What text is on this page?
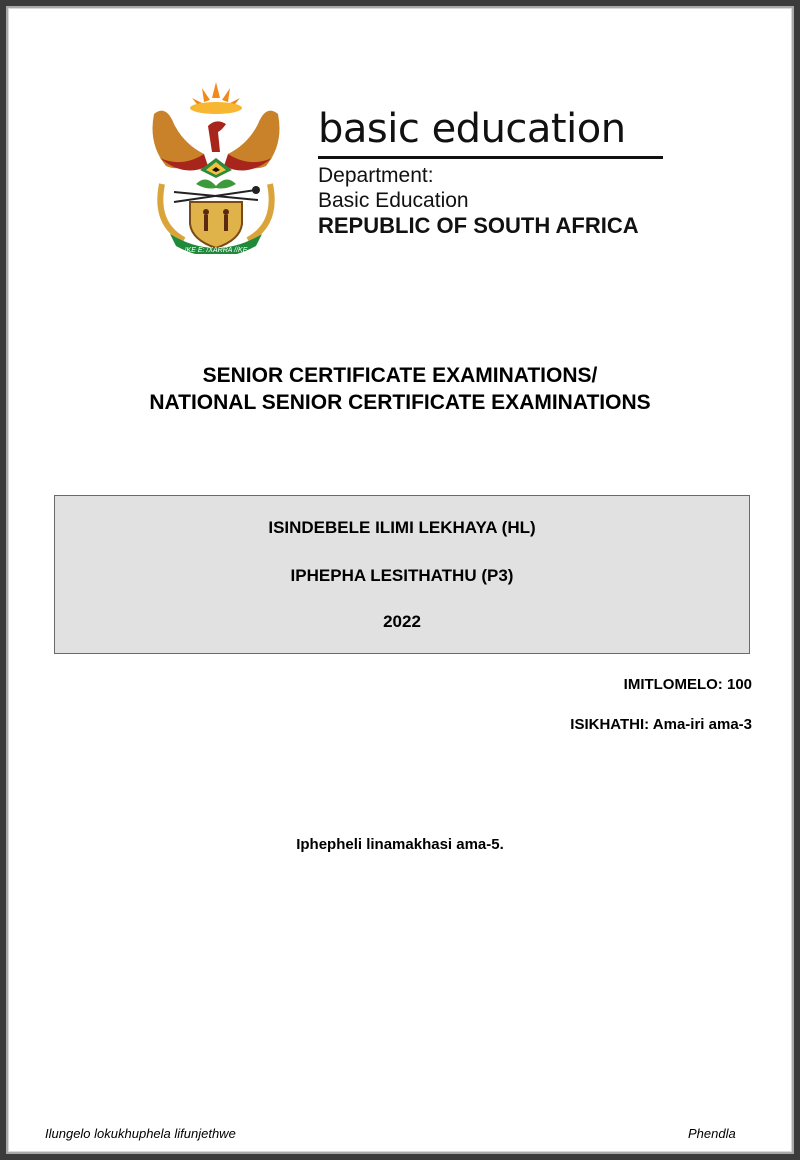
!KE E: /XARRA //KE
basic education
Department:
Basic Education
REPUBLIC OF SOUTH AFRICA
SENIOR CERTIFICATE EXAMINATIONS/
NATIONAL SENIOR CERTIFICATE EXAMINATIONS
ISINDEBELE ILIMI LEKHAYA (HL)
IPHEPHA LESITHATHU (P3)
2022
IMITLOMELO: 100
ISIKHATHI: Ama-iri ama-3
Iphepheli linamakhasi ama-5.
Ilungelo lokukhuphela lifunjethwe	Phendla
